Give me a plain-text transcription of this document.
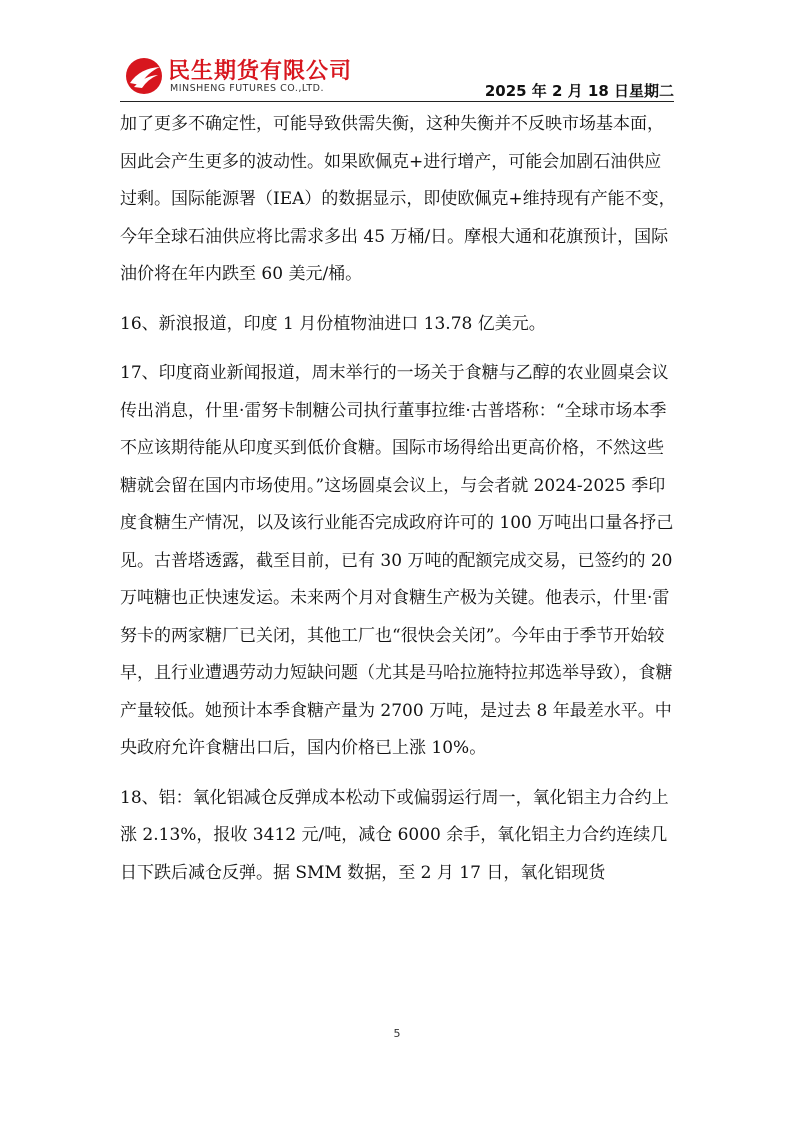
民生期货有限公司
MINSHENG FUTURES CO.,LTD.	2025 年 2 月 18 日星期二

加了更多不确定性，可能导致供需失衡，这种失衡并不反映市场基本面，因此会产生更多的波动性。如果欧佩克+进行增产，可能会加剧石油供应过剩。国际能源署（IEA）的数据显示，即使欧佩克+维持现有产能不变，今年全球石油供应将比需求多出 45 万桶/日。摩根大通和花旗预计，国际油价将在年内跌至 60 美元/桶。

16、新浪报道，印度 1 月份植物油进口 13.78 亿美元。

17、印度商业新闻报道，周末举行的一场关于食糖与乙醇的农业圆桌会议传出消息，什里·雷努卡制糖公司执行董事拉维·古普塔称：“全球市场本季不应该期待能从印度买到低价食糖。国际市场得给出更高价格，不然这些糖就会留在国内市场使用。”这场圆桌会议上，与会者就 2024-2025 季印度食糖生产情况，以及该行业能否完成政府许可的 100 万吨出口量各抒己见。古普塔透露，截至目前，已有 30 万吨的配额完成交易，已签约的 20 万吨糖也正快速发运。未来两个月对食糖生产极为关键。他表示，什里·雷努卡的两家糖厂已关闭，其他工厂也“很快会关闭”。今年由于季节开始较早，且行业遭遇劳动力短缺问题（尤其是马哈拉施特拉邦选举导致），食糖产量较低。她预计本季食糖产量为 2700 万吨，是过去 8 年最差水平。中央政府允许食糖出口后，国内价格已上涨 10%。

18、铝：氧化铝减仓反弹成本松动下或偏弱运行周一，氧化铝主力合约上涨 2.13%，报收 3412 元/吨，减仓 6000 余手，氧化铝主力合约连续几日下跌后减仓反弹。据 SMM 数据，至 2 月 17 日，氧化铝现货

5
